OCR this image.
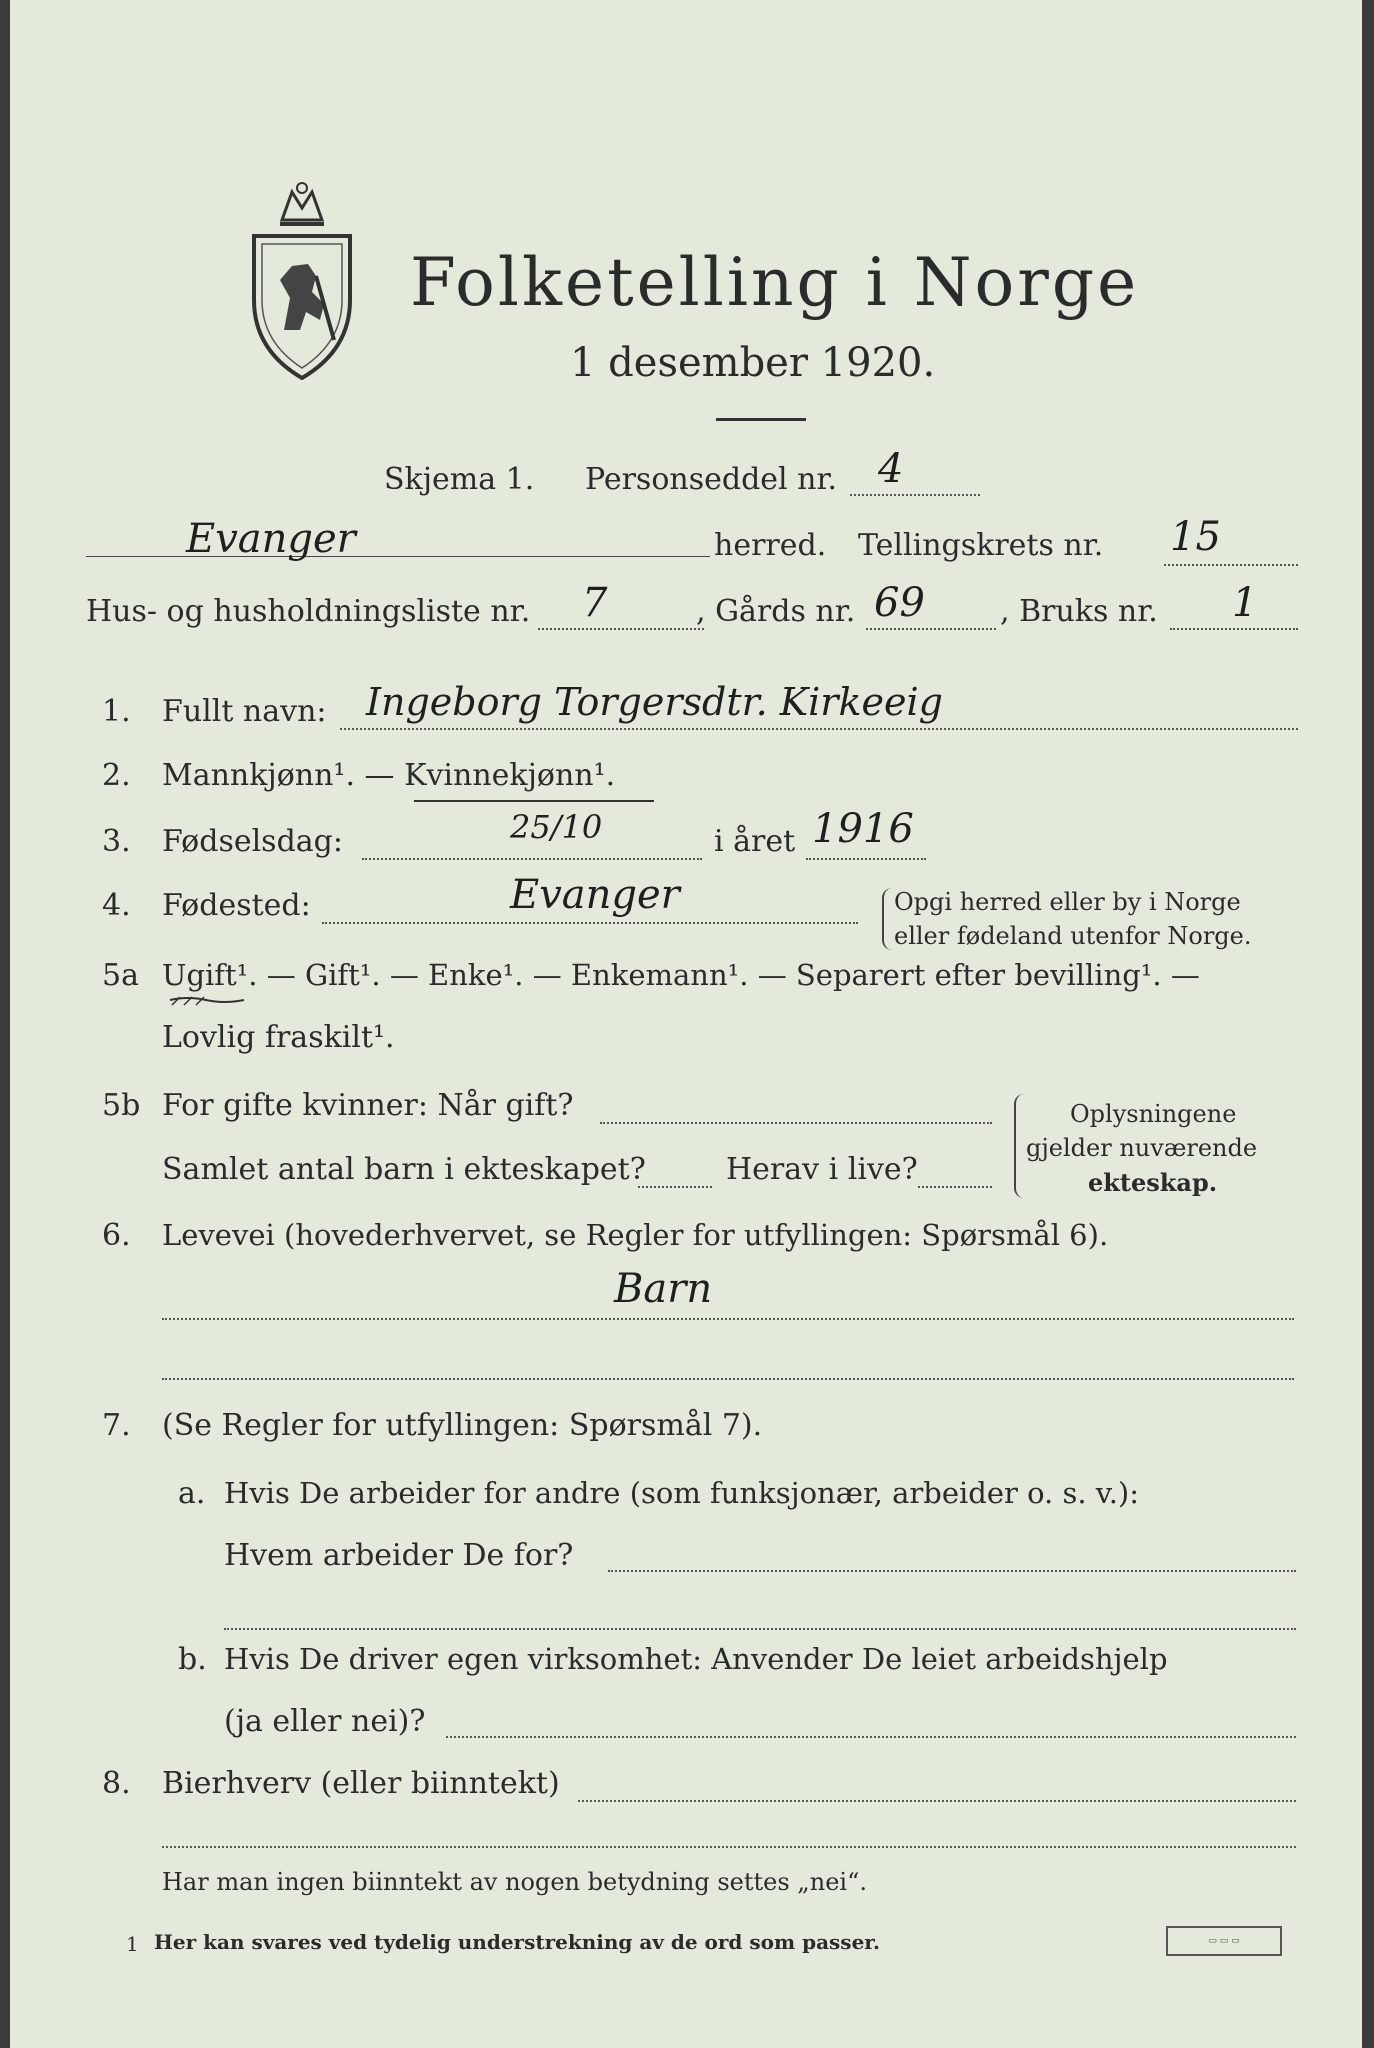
Folketelling i Norge
1 desember 1920.
Skjema 1. Personseddel nr. 4
Evanger	herred. Tellingskrets nr. 15
Hus- og husholdningsliste nr. 7	, Gårds nr. 69	, Bruks nr. 1
1. Fullt navn: Ingeborg Torgersdtr. Kirkeeig
2. Mannkjønn¹. — Kvinnekjønn¹.
3. Fødselsdag:	25/10	i året 1916
4. Fødested:	Evanger	Opgi herred eller by i Norge
eller fødeland utenfor Norge.
5a Ugift¹. — Gift¹. — Enke¹. — Enkemann¹. — Separert efter bevilling¹. —
Lovlig fraskilt¹.
5b For gifte kvinner: Når gift?
Samlet antal barn i ekteskapet?	Herav i live?
Oplysningene
gjelder nuværende
ekteskap.
6. Levevei (hovederhvervet, se Regler for utfyllingen: Spørsmål 6).
Barn
7. (Se Regler for utfyllingen: Spørsmål 7).
a. Hvis De arbeider for andre (som funksjonær, arbeider o. s. v.):
Hvem arbeider De for?
b. Hvis De driver egen virksomhet: Anvender De leiet arbeidshjelp
(ja eller nei)?
8. Bierhverv (eller biinntekt)
Har man ingen biinntekt av nogen betydning settes „nei“.
1 Her kan svares ved tydelig understrekning av de ord som passer.	▭ ▭ ▭
